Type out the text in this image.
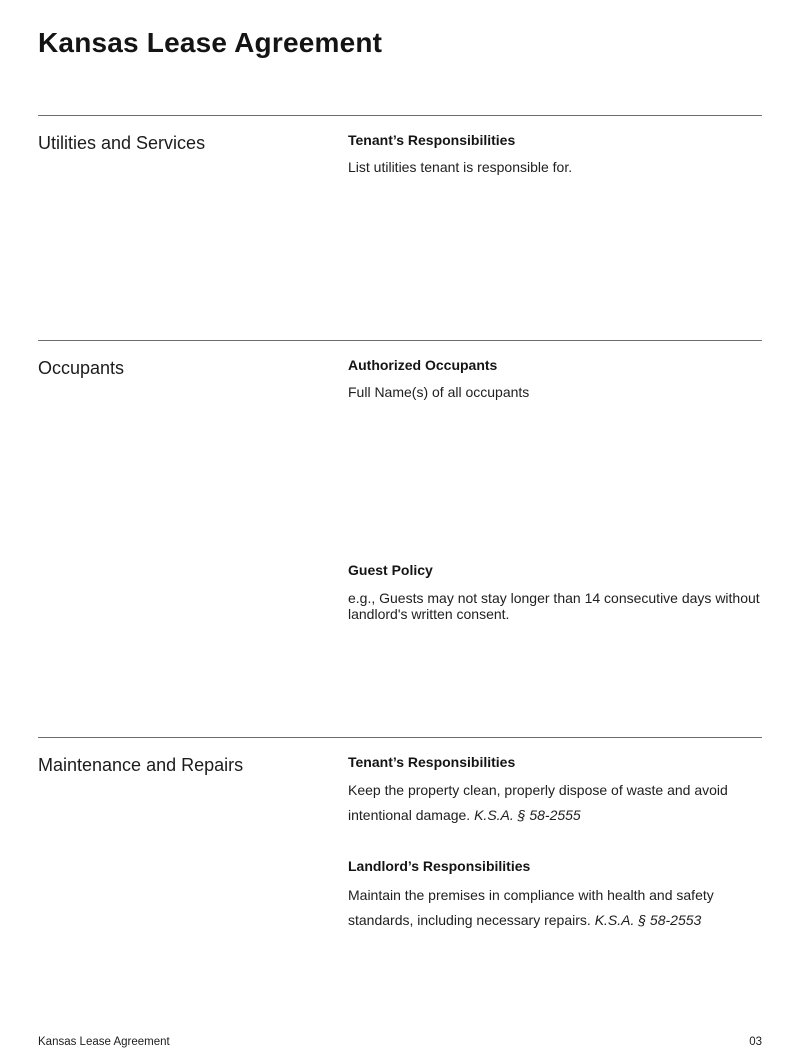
Kansas Lease Agreement
Utilities and Services	Tenant’s Responsibilities

List utilities tenant is responsible for.

Occupants	Authorized Occupants

Full Name(s) of all occupants

Guest Policy

e.g., Guests may not stay longer than 14 consecutive days without landlord's written consent.

Maintenance and Repairs	Tenant’s Responsibilities

Keep the property clean, properly dispose of waste and avoid intentional damage. K.S.A. § 58-2555

Landlord’s Responsibilities

Maintain the premises in compliance with health and safety standards, including necessary repairs. K.S.A. § 58-2553

Kansas Lease Agreement	03
